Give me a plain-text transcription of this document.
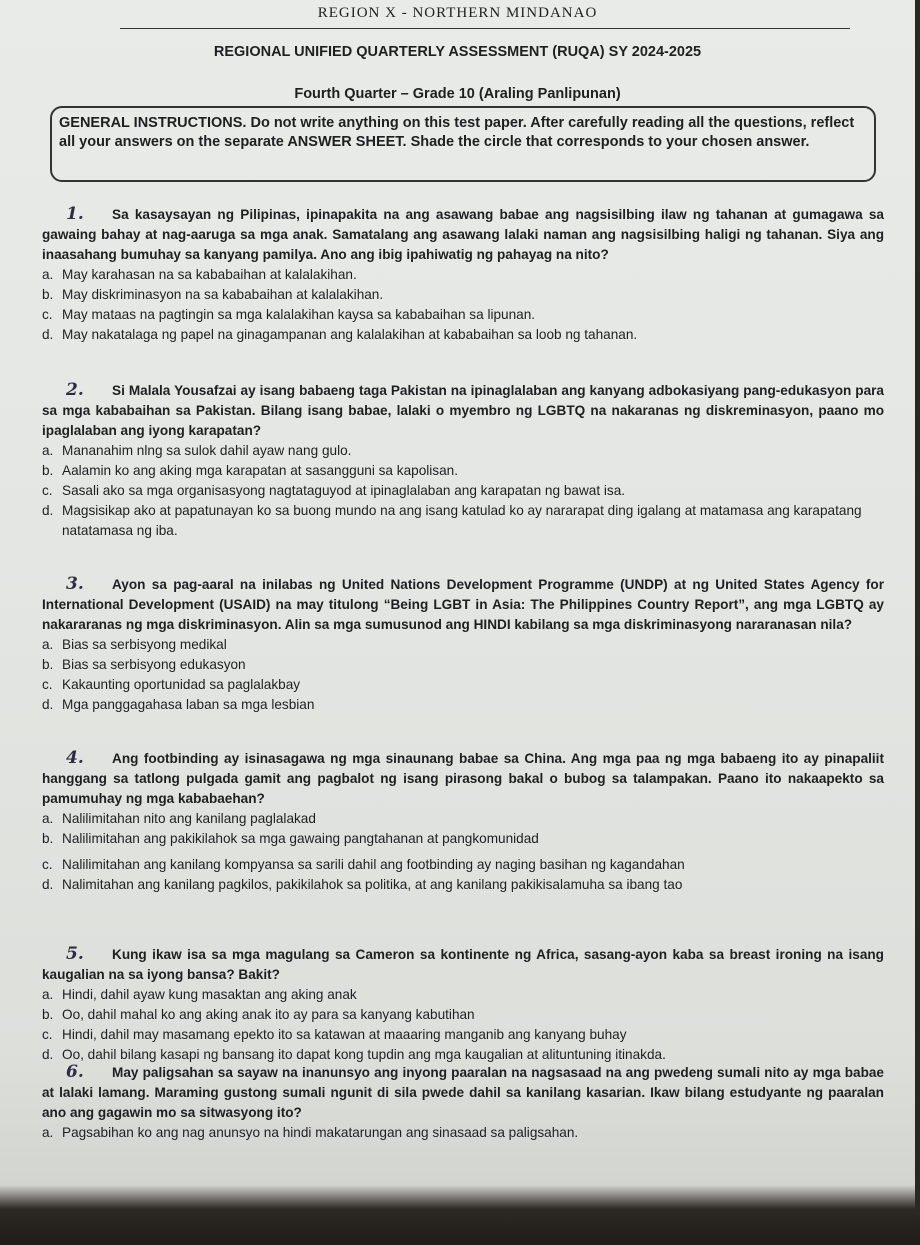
REGION X - NORTHERN MINDANAO
REGIONAL UNIFIED QUARTERLY ASSESSMENT (RUQA) SY 2024-2025
Fourth Quarter – Grade 10 (Araling Panlipunan)
GENERAL INSTRUCTIONS. Do not write anything on this test paper. After carefully reading all the questions, reflect all your answers on the separate ANSWER SHEET. Shade the circle that corresponds to your chosen answer.
1. Sa kasaysayan ng Pilipinas, ipinapakita na ang asawang babae ang nagsisilbing ilaw ng tahanan at gumagawa sa gawaing bahay at nag-aaruga sa mga anak. Samatalang ang asawang lalaki naman ang nagsisilbing haligi ng tahanan. Siya ang inaasahang bumuhay sa kanyang pamilya. Ano ang ibig ipahiwatig ng pahayag na nito?
a. May karahasan na sa kababaihan at kalalakihan.
b. May diskriminasyon na sa kababaihan at kalalakihan.
c. May mataas na pagtingin sa mga kalalakihan kaysa sa kababaihan sa lipunan.
d. May nakatalaga ng papel na ginagampanan ang kalalakihan at kababaihan sa loob ng tahanan.
2. Si Malala Yousafzai ay isang babaeng taga Pakistan na ipinaglalaban ang kanyang adbokasiyang pang-edukasyon para sa mga kababaihan sa Pakistan. Bilang isang babae, lalaki o myembro ng LGBTQ na nakaranas ng diskreminasyon, paano mo ipaglalaban ang iyong karapatan?
a. Mananahim nlng sa sulok dahil ayaw nang gulo.
b. Aalamin ko ang aking mga karapatan at sasangguni sa kapolisan.
c. Sasali ako sa mga organisasyong nagtataguyod at ipinaglalaban ang karapatan ng bawat isa.
d. Magsisikap ako at papatunayan ko sa buong mundo na ang isang katulad ko ay nararapat ding igalang at matamasa ang karapatang natatamasa ng iba.
3. Ayon sa pag-aaral na inilabas ng United Nations Development Programme (UNDP) at ng United States Agency for International Development (USAID) na may titulong “Being LGBT in Asia: The Philippines Country Report”, ang mga LGBTQ ay nakararanas ng mga diskriminasyon. Alin sa mga sumusunod ang HINDI kabilang sa mga diskriminasyong nararanasan nila?
a. Bias sa serbisyong medikal
b. Bias sa serbisyong edukasyon
c. Kakaunting oportunidad sa paglalakbay
d. Mga panggagahasa laban sa mga lesbian
4. Ang footbinding ay isinasagawa ng mga sinaunang babae sa China. Ang mga paa ng mga babaeng ito ay pinapaliit hanggang sa tatlong pulgada gamit ang pagbalot ng isang pirasong bakal o bubog sa talampakan. Paano ito nakaapekto sa pamumuhay ng mga kababaehan?
a. Nalilimitahan nito ang kanilang paglalakad
b. Nalilimitahan ang pakikilahok sa mga gawaing pangtahanan at pangkomunidad
c. Nalilimitahan ang kanilang kompyansa sa sarili dahil ang footbinding ay naging basihan ng kagandahan
d. Nalimitahan ang kanilang pagkilos, pakikilahok sa politika, at ang kanilang pakikisalamuha sa ibang tao
5. Kung ikaw isa sa mga magulang sa Cameron sa kontinente ng Africa, sasang-ayon kaba sa breast ironing na isang kaugalian na sa iyong bansa? Bakit?
a. Hindi, dahil ayaw kung masaktan ang aking anak
b. Oo, dahil mahal ko ang aking anak ito ay para sa kanyang kabutihan
c. Hindi, dahil may masamang epekto ito sa katawan at maaaring manganib ang kanyang buhay
d. Oo, dahil bilang kasapi ng bansang ito dapat kong tupdin ang mga kaugalian at alituntuning itinakda.
6. May paligsahan sa sayaw na inanunsyo ang inyong paaralan na nagsasaad na ang pwedeng sumali nito ay mga babae at lalaki lamang. Maraming gustong sumali ngunit di sila pwede dahil sa kanilang kasarian. Ikaw bilang estudyante ng paaralan ano ang gagawin mo sa sitwasyong ito?
a. Pagsabihan ko ang nag anunsyo na hindi makatarungan ang sinasaad sa paligsahan.
